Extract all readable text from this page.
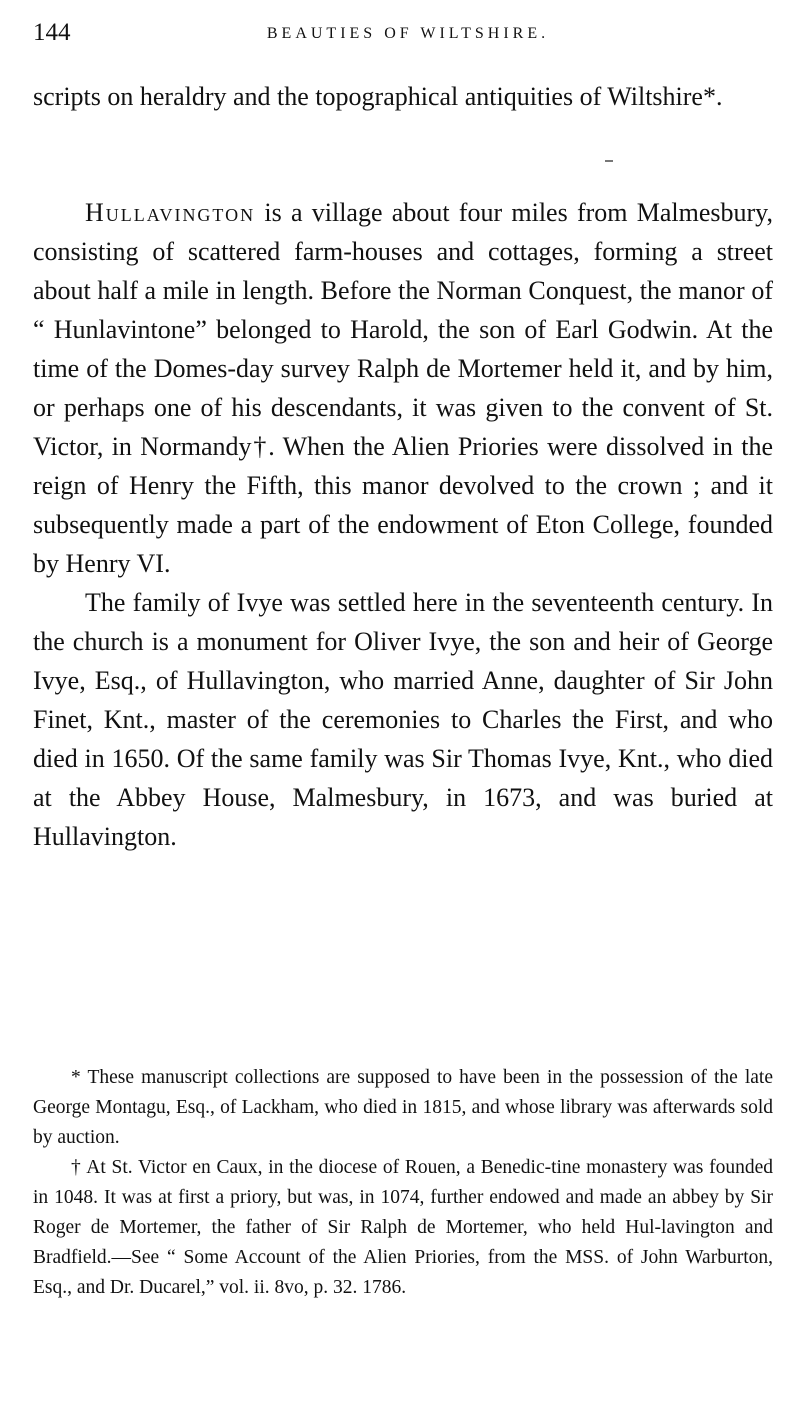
144	BEAUTIES OF WILTSHIRE.

scripts on heraldry and the topographical antiquities of Wiltshire*.

Hullavington is a village about four miles from Malmesbury, consisting of scattered farm-houses and cottages, forming a street about half a mile in length. Before the Norman Conquest, the manor of “ Hunlavintone” belonged to Harold, the son of Earl Godwin. At the time of the Domes-day survey Ralph de Mortemer held it, and by him, or perhaps one of his descendants, it was given to the convent of St. Victor, in Normandy†. When the Alien Priories were dissolved in the reign of Henry the Fifth, this manor devolved to the crown ; and it subsequently made a part of the endowment of Eton College, founded by Henry VI.

The family of Ivye was settled here in the seventeenth century. In the church is a monument for Oliver Ivye, the son and heir of George Ivye, Esq., of Hullavington, who married Anne, daughter of Sir John Finet, Knt., master of the ceremonies to Charles the First, and who died in 1650. Of the same family was Sir Thomas Ivye, Knt., who died at the Abbey House, Malmesbury, in 1673, and was buried at Hullavington.

* These manuscript collections are supposed to have been in the possession of the late George Montagu, Esq., of Lackham, who died in 1815, and whose library was afterwards sold by auction.

† At St. Victor en Caux, in the diocese of Rouen, a Benedic-tine monastery was founded in 1048. It was at first a priory, but was, in 1074, further endowed and made an abbey by Sir Roger de Mortemer, the father of Sir Ralph de Mortemer, who held Hul-lavington and Bradfield.—See “ Some Account of the Alien Priories, from the MSS. of John Warburton, Esq., and Dr. Ducarel,” vol. ii. 8vo, p. 32. 1786.
